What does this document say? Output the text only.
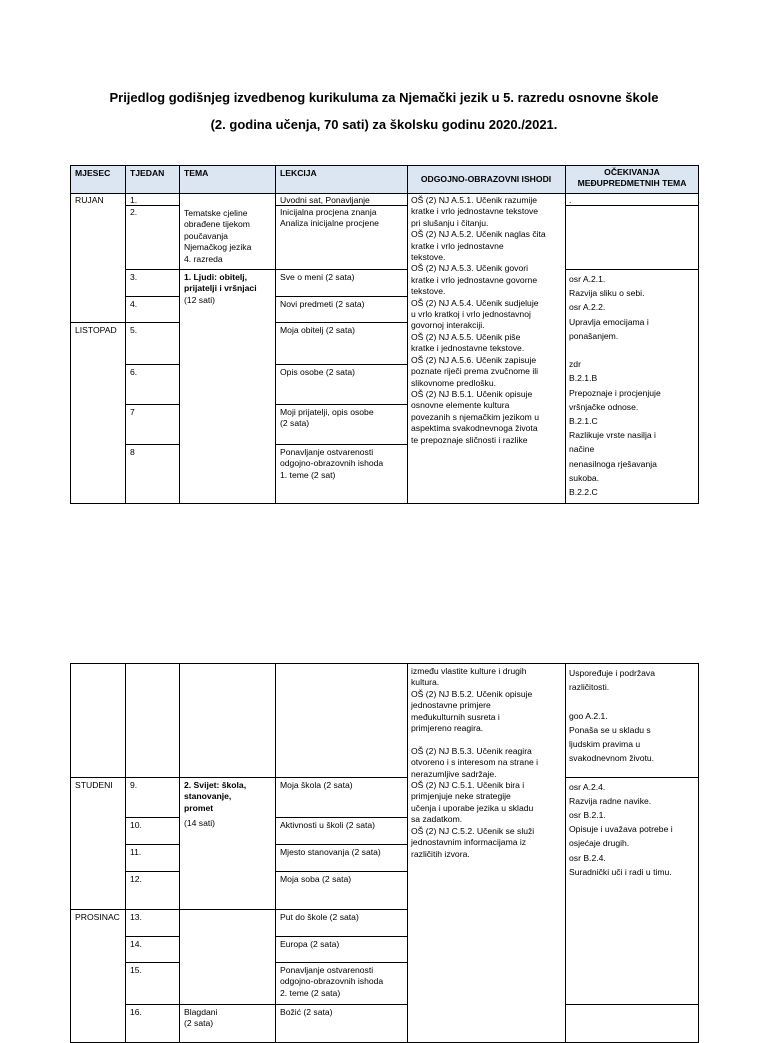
Prijedlog godišnjeg izvedbenog kurikuluma za Njemački jezik u 5. razredu osnovne škole
(2. godina učenja, 70 sati) za školsku godinu 2020./2021.
MJESEC TJEDAN TEMA	LEKCIJA
ODGOJNO-OBRAZOVNI ISHODI
OČEKIVANJA
MEĐUPREDMETNIH TEMA
RUJAN
LISTOPAD
1.
2.
3.
4.
5.
6.
7
8
Tematske cjeline
obrađene tijekom
poučavanja
Njemačkog jezika
4. razreda
1. Ljudi: obitelj,
prijatelji i vršnjaci
(12 sati)
Uvodni sat, Ponavljanje
Inicijalna procjena znanja
Analiza inicijalne procjene
Sve o meni (2 sata)
Novi predmeti (2 sata)
Moja obitelj (2 sata)
Opis osobe (2 sata)
Moji prijatelji, opis osobe
(2 sata)
Ponavljanje ostvarenosti
odgojno-obrazovnih ishoda
1. teme (2 sat)
OŠ (2) NJ A.5.1. Učenik razumije
kratke i vrlo jednostavne tekstove
pri slušanju i čitanju.
OŠ (2) NJ A.5.2. Učenik naglas čita
kratke i vrlo jednostavne
tekstove.
OŠ (2) NJ A.5.3. Učenik govori
kratke i vrlo jednostavne govorne
tekstove.
OŠ (2) NJ A.5.4. Učenik sudjeluje
u vrlo kratkoj i vrlo jednostavnoj
govornoj interakciji.
OŠ (2) NJ A.5.5. Učenik piše
kratke i jednostavne tekstove.
OŠ (2) NJ A.5.6. Učenik zapisuje
poznate riječi prema zvučnome ili
slikovnome predlošku.
OŠ (2) NJ B.5.1. Učenik opisuje
osnovne elemente kultura
povezanih s njemačkim jezikom u
aspektima svakodnevnoga života
te prepoznaje sličnosti i razlike
.
osr A.2.1.
Razvija sliku o sebi.
osr A.2.2.
Upravlja emocijama i
ponašanjem.

zdr
B.2.1.B
Prepoznaje i procjenjuje
vršnjačke odnose.
B.2.1.C
Razlikuje vrste nasilja i
načine
nenasilnoga rješavanja
sukoba.
B.2.2.C
STUDENI
PROSINAC
9.
10.
11.
12.
13.
14.
15.
16.
2. Svijet: škola,
stanovanje,
promet
(14 sati)
Blagdani
(2 sata)
Moja škola (2 sata)
Aktivnosti u školi (2 sata)
Mjesto stanovanja (2 sata)
Moja soba (2 sata)
Put do škole (2 sata)
Europa (2 sata)
Ponavljanje ostvarenosti
odgojno-obrazovnih ishoda
2. teme (2 sata)
Božić (2 sata)
između vlastite kulture i drugih
kultura.
OŠ (2) NJ B.5.2. Učenik opisuje
jednostavne primjere
međukulturnih susreta i
primjereno reagira.

OŠ (2) NJ B.5.3. Učenik reagira
otvoreno i s interesom na strane i
nerazumljive sadržaje.
OŠ (2) NJ C.5.1. Učenik bira i
primjenjuje neke strategije
učenja i uporabe jezika u skladu
sa zadatkom.
OŠ (2) NJ C.5.2. Učenik se služi
jednostavnim informacijama iz
različitih izvora.
Uspoređuje i podržava
različitosti.

goo A.2.1.
Ponaša se u skladu s
ljudskim pravima u
svakodnevnom životu.

osr A.2.4.
Razvija radne navike.
osr B.2.1.
Opisuje i uvažava potrebe i
osjećaje drugih.
osr B.2.4.
Suradnički uči i radi u timu.
